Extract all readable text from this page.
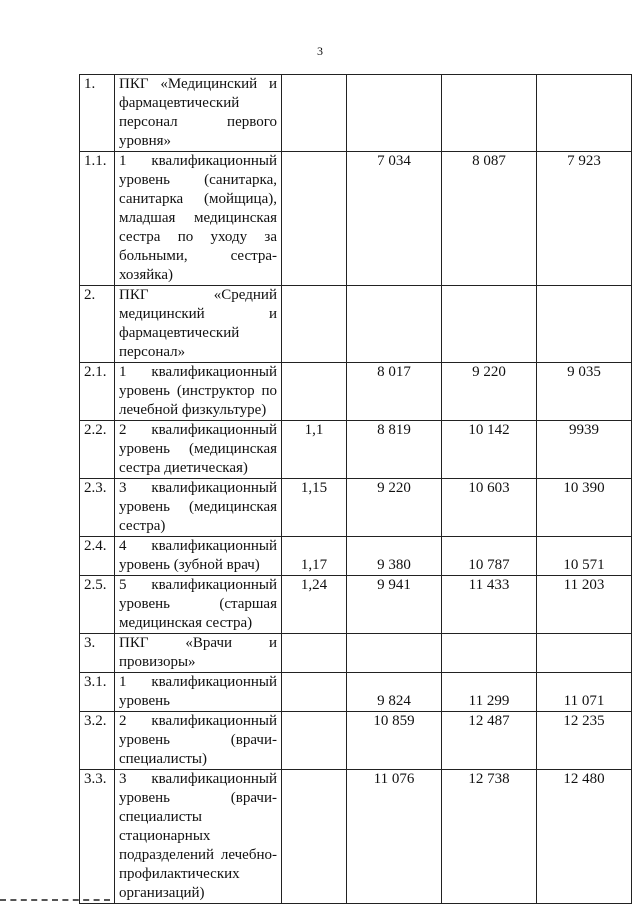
3
1.	ПКГ «Медицинский и фармацевтический персонал первого уровня»				
1.1.	1 квалификационный уровень (санитарка, санитарка (мойщица), младшая медицинская сестра по уходу за больными, сестра-хозяйка)		7 034	8 087	7 923
2.	ПКГ «Средний медицинский и фармацевтический персонал»				
2.1.	1 квалификационный уровень (инструктор по лечебной физкультуре)		8 017	9 220	9 035
2.2.	2 квалификационный уровень (медицинская сестра диетическая)	1,1	8 819	10 142	9939
2.3.	3 квалификационный уровень (медицинская сестра)	1,15	9 220	10 603	10 390
2.4.	4 квалификационный уровень (зубной врач)	1,17	9 380	10 787	10 571
2.5.	5 квалификационный уровень (старшая медицинская сестра)	1,24	9 941	11 433	11 203
3.	ПКГ «Врачи и провизоры»				
3.1.	1 квалификационный уровень		9 824	11 299	11 071
3.2.	2 квалификационный уровень (врачи-специалисты)		10 859	12 487	12 235
3.3.	3 квалификационный уровень (врачи-специалисты стационарных подразделений лечебно-профилактических организаций)		11 076	12 738	12 480
